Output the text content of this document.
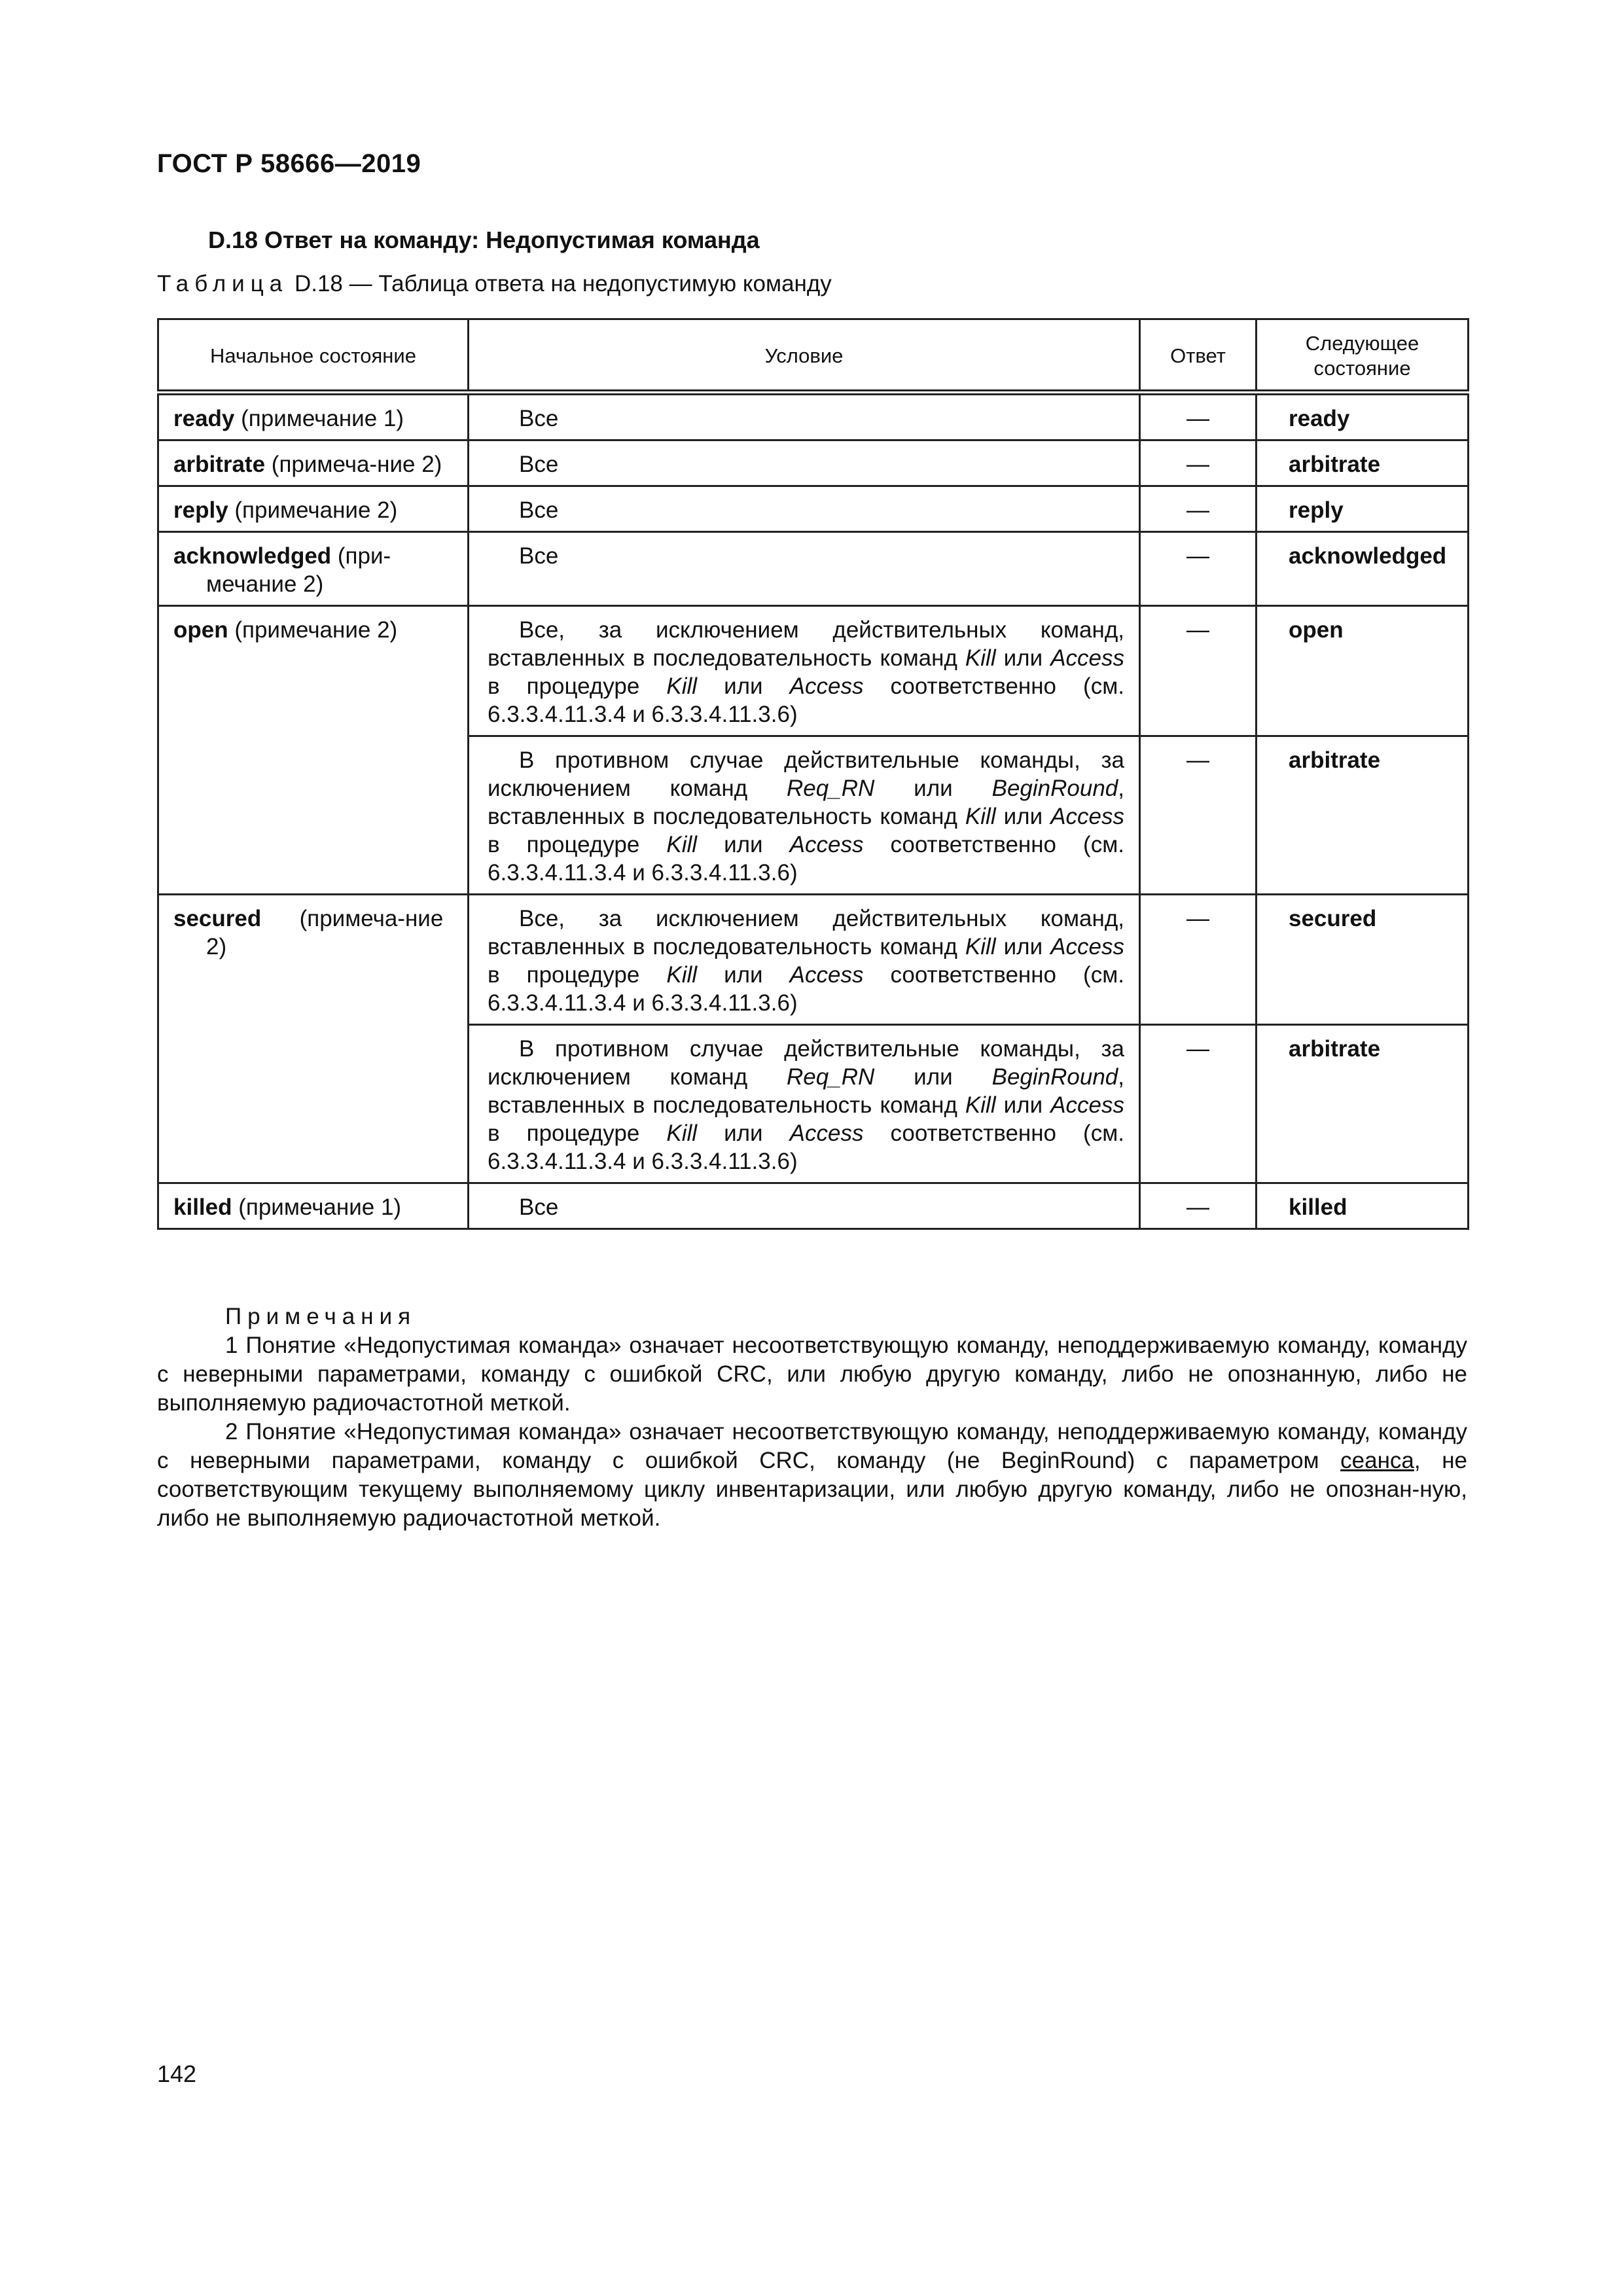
ГОСТ Р 58666—2019
D.18 Ответ на команду: Недопустимая команда
Таблица D.18 — Таблица ответа на недопустимую команду
Начальное состояние	Условие	Ответ	Следующее состояние
ready (примечание 1)	Все	—	ready
arbitrate (примеча-ние 2)	Все	—	arbitrate
reply (примечание 2)	Все	—	reply
acknowledged (при-мечание 2)	Все	—	acknowledged
open (примечание 2)	Все, за исключением действительных команд, вставленных в последовательность команд Kill или Access в процедуре Kill или Access соответственно (см. 6.3.3.4.11.3.4 и 6.3.3.4.11.3.6)	—	open

	В противном случае действительные команды, за исключением команд Req_RN или BeginRound, вставленных в последовательность команд Kill или Access в процедуре Kill или Access соответственно (см. 6.3.3.4.11.3.4 и 6.3.3.4.11.3.6)	—	arbitrate
secured      (примеча-ние 2)	Все, за исключением действительных команд, вставленных в последовательность команд Kill или Access в процедуре Kill или Access соответственно (см. 6.3.3.4.11.3.4 и 6.3.3.4.11.3.6)	—	secured

	В противном случае действительные команды, за исключением команд Req_RN или BeginRound, вставленных в последовательность команд Kill или Access в процедуре Kill или Access соответственно (см. 6.3.3.4.11.3.4 и 6.3.3.4.11.3.6)	—	arbitrate
killed (примечание 1)	Все	—	killed
Примечания

1 Понятие «Недопустимая команда» означает несоответствующую команду, неподдерживаемую команду, команду с неверными параметрами, команду с ошибкой CRC, или любую другую команду, либо не опознанную, либо не выполняемую радиочастотной меткой.

2 Понятие «Недопустимая команда» означает несоответствующую команду, неподдерживаемую команду, команду с неверными параметрами, команду с ошибкой CRC, команду (не BeginRound) с параметром сеанса, не соответствующим текущему выполняемому циклу инвентаризации, или любую другую команду, либо не опознан-ную, либо не выполняемую радиочастотной меткой.

142
